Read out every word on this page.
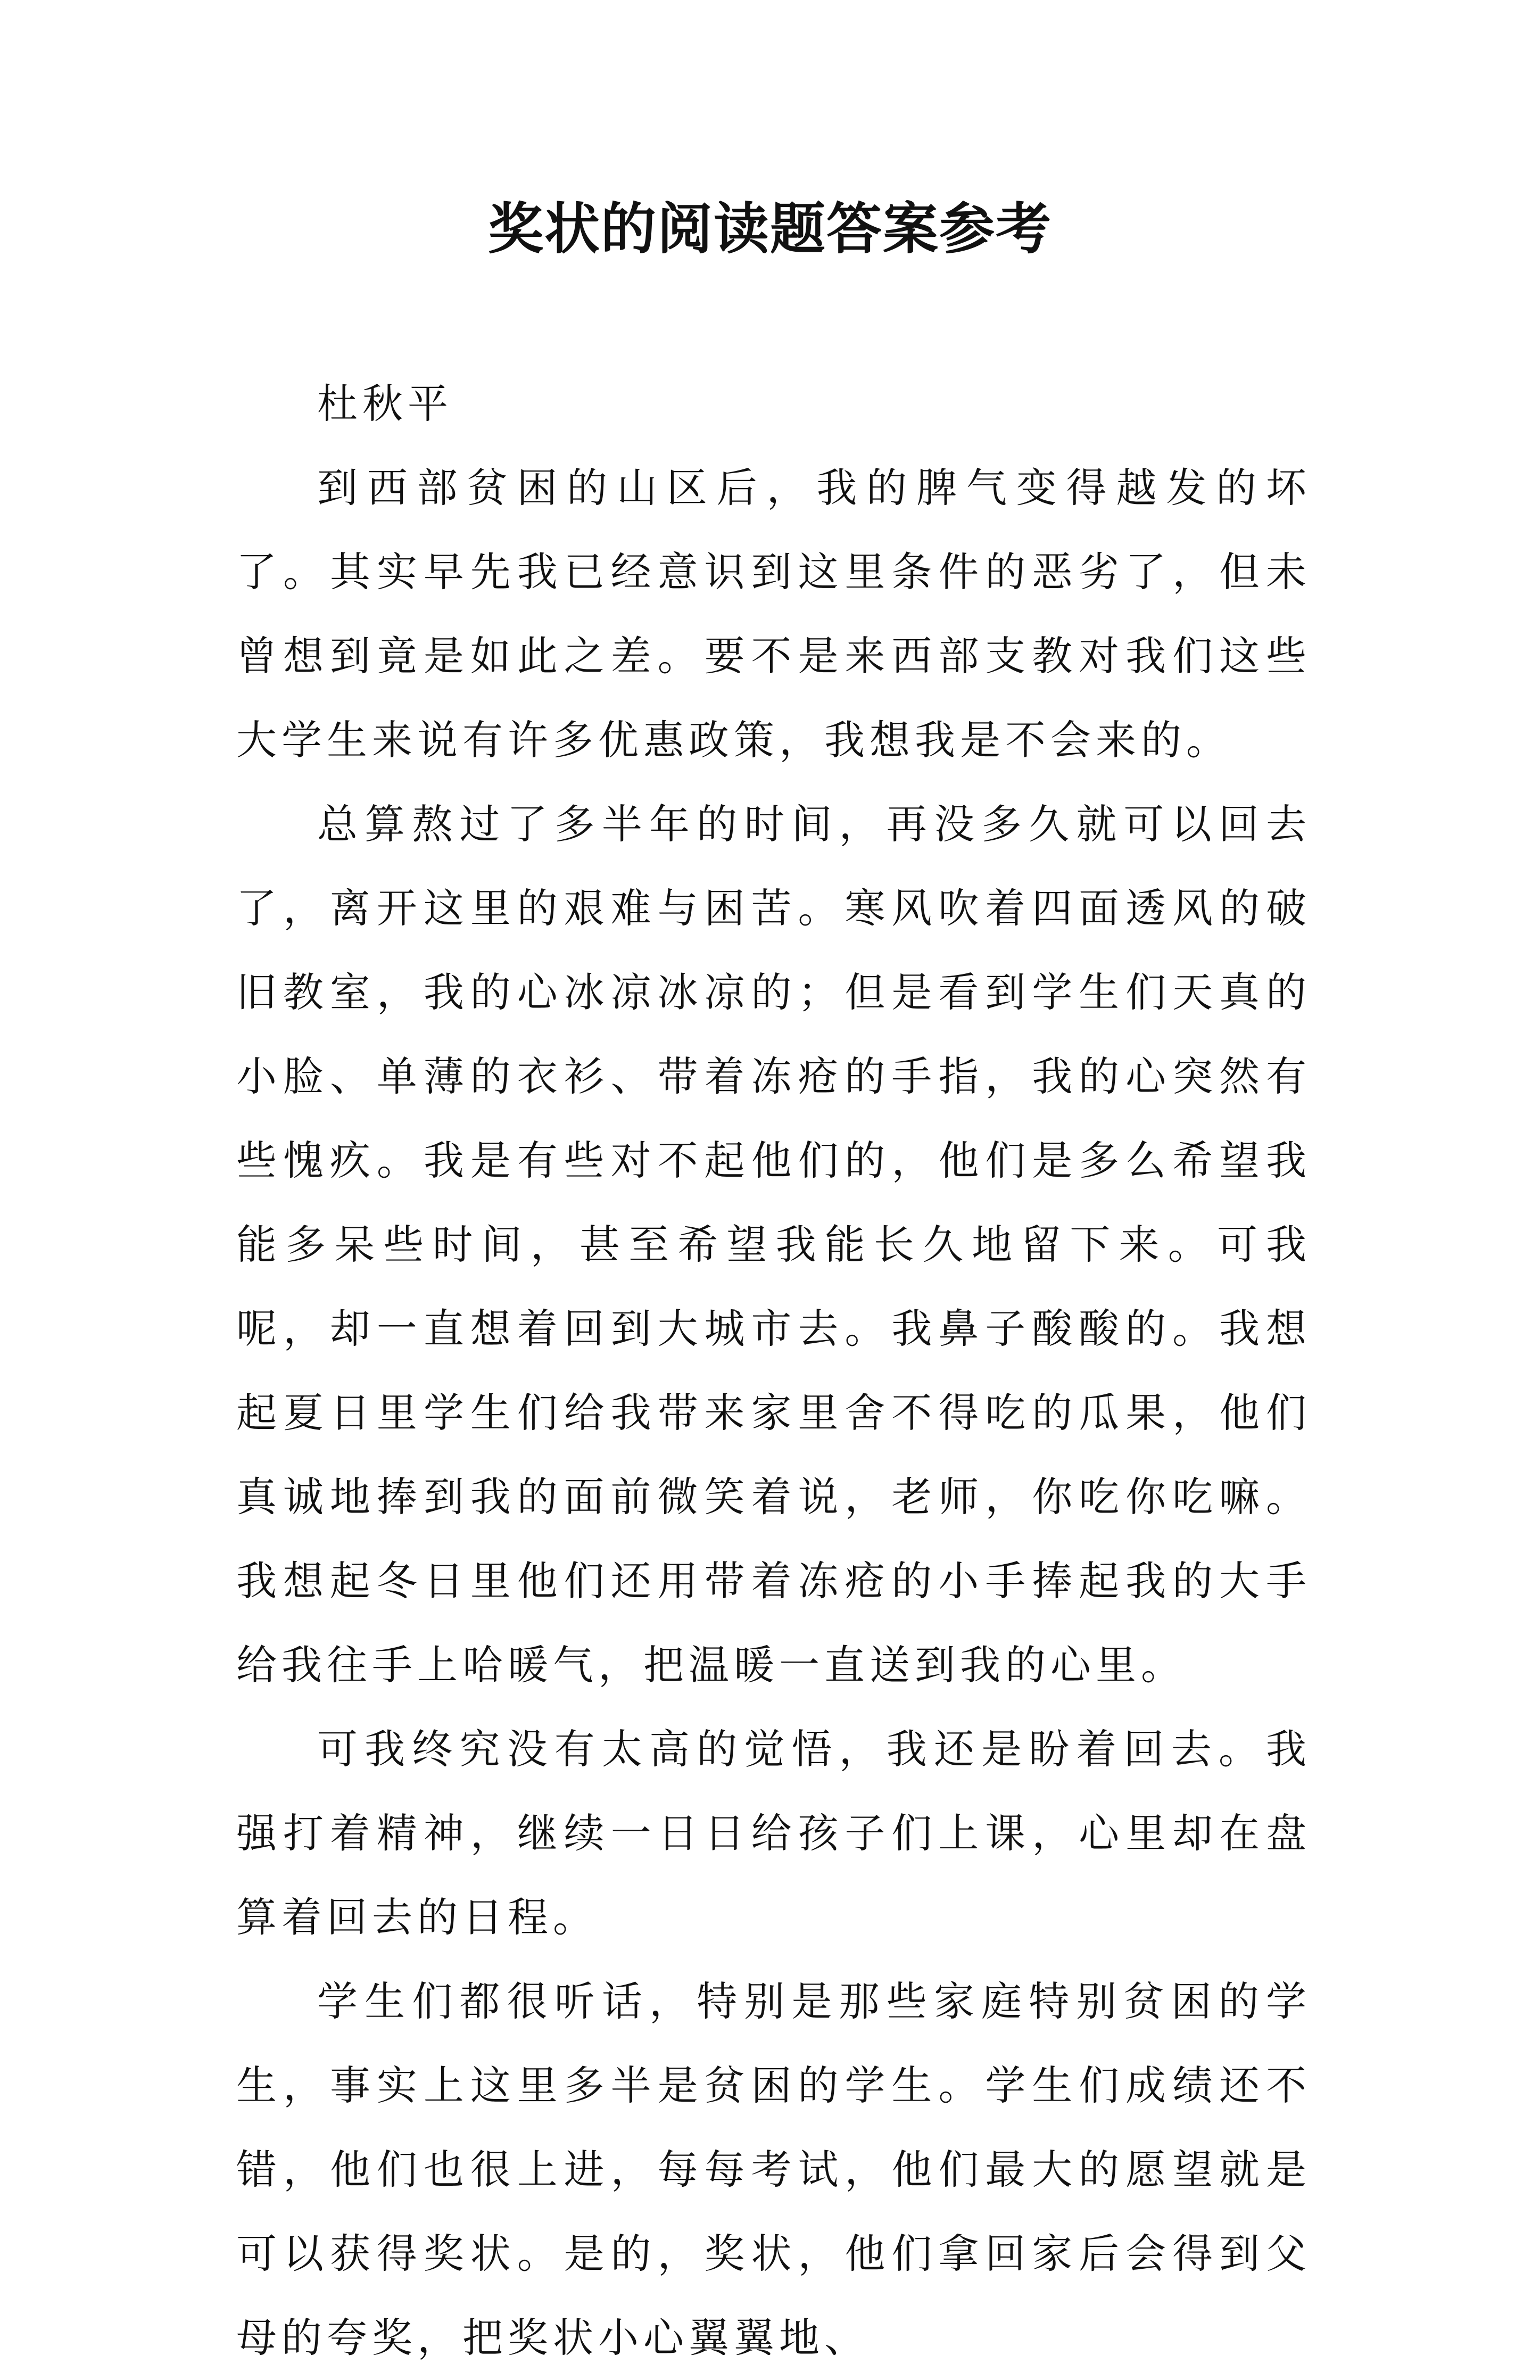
奖状的阅读题答案参考

杜秋平

到西部贫困的山区后，我的脾气变得越发的坏了。其实早先我已经意识到这里条件的恶劣了，但未曾想到竟是如此之差。要不是来西部支教对我们这些大学生来说有许多优惠政策，我想我是不会来的。

总算熬过了多半年的时间，再没多久就可以回去了，离开这里的艰难与困苦。寒风吹着四面透风的破旧教室，我的心冰凉冰凉的；但是看到学生们天真的小脸、单薄的衣衫、带着冻疮的手指，我的心突然有些愧疚。我是有些对不起他们的，他们是多么希望我能多呆些时间，甚至希望我能长久地留下来。可我呢，却一直想着回到大城市去。我鼻子酸酸的。我想起夏日里学生们给我带来家里舍不得吃的瓜果，他们真诚地捧到我的面前微笑着说，老师，你吃你吃嘛。我想起冬日里他们还用带着冻疮的小手捧起我的大手给我往手上哈暖气，把温暖一直送到我的心里。

可我终究没有太高的觉悟，我还是盼着回去。我强打着精神，继续一日日给孩子们上课，心里却在盘算着回去的日程。

学生们都很听话，特别是那些家庭特别贫困的学生，事实上这里多半是贫困的学生。学生们成绩还不错，他们也很上进，每每考试，他们最大的愿望就是可以获得奖状。是的，奖状，他们拿回家后会得到父母的夸奖，把奖状小心翼翼地、
